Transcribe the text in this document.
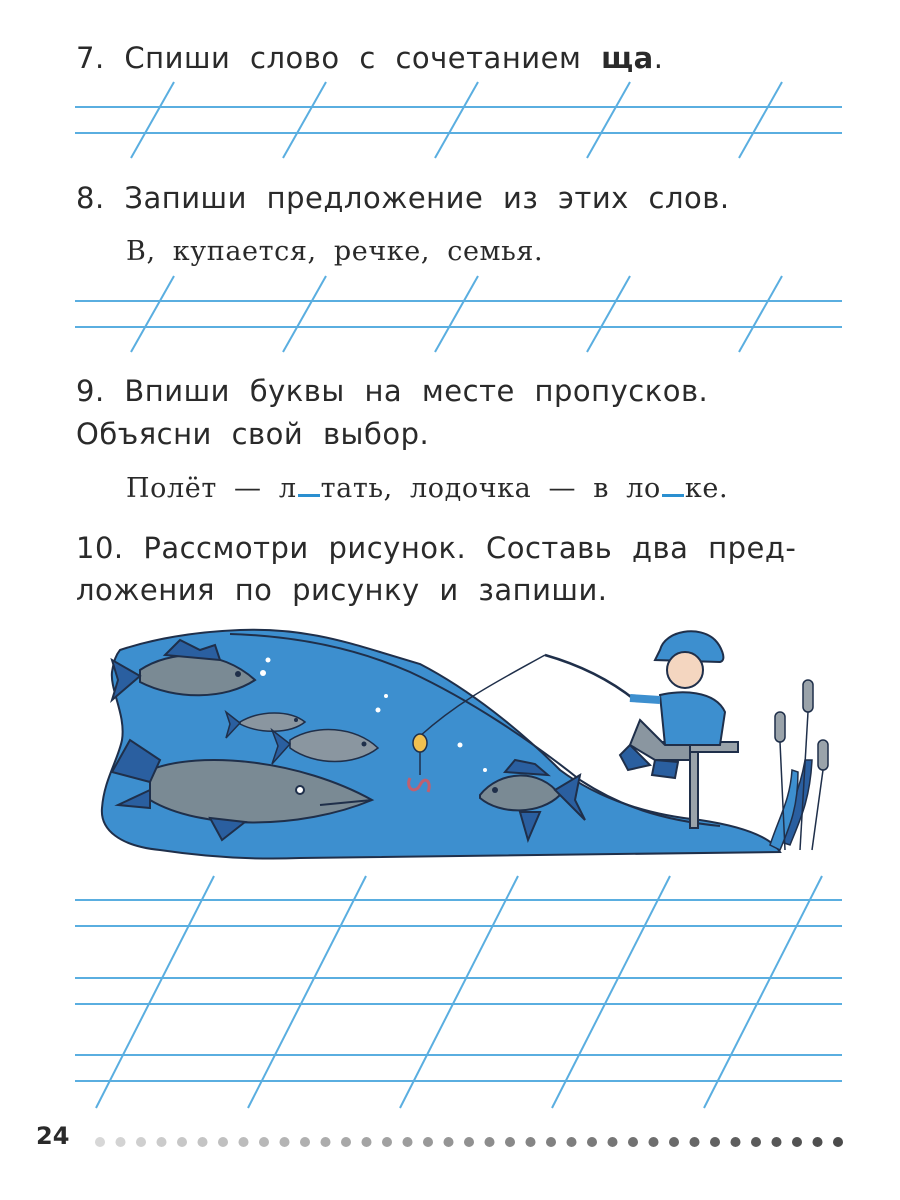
7. Спиши слово с сочетанием ща.

8. Запиши предложение из этих слов.

В, купается, речке, семья.

9. Впиши буквы на месте пропусков.

Объясни свой выбор.

Полёт — л тать, лодочка — в ло ке.

10. Рассмотри рисунок. Составь два пред-

ложения по рисунку и запиши.

24
